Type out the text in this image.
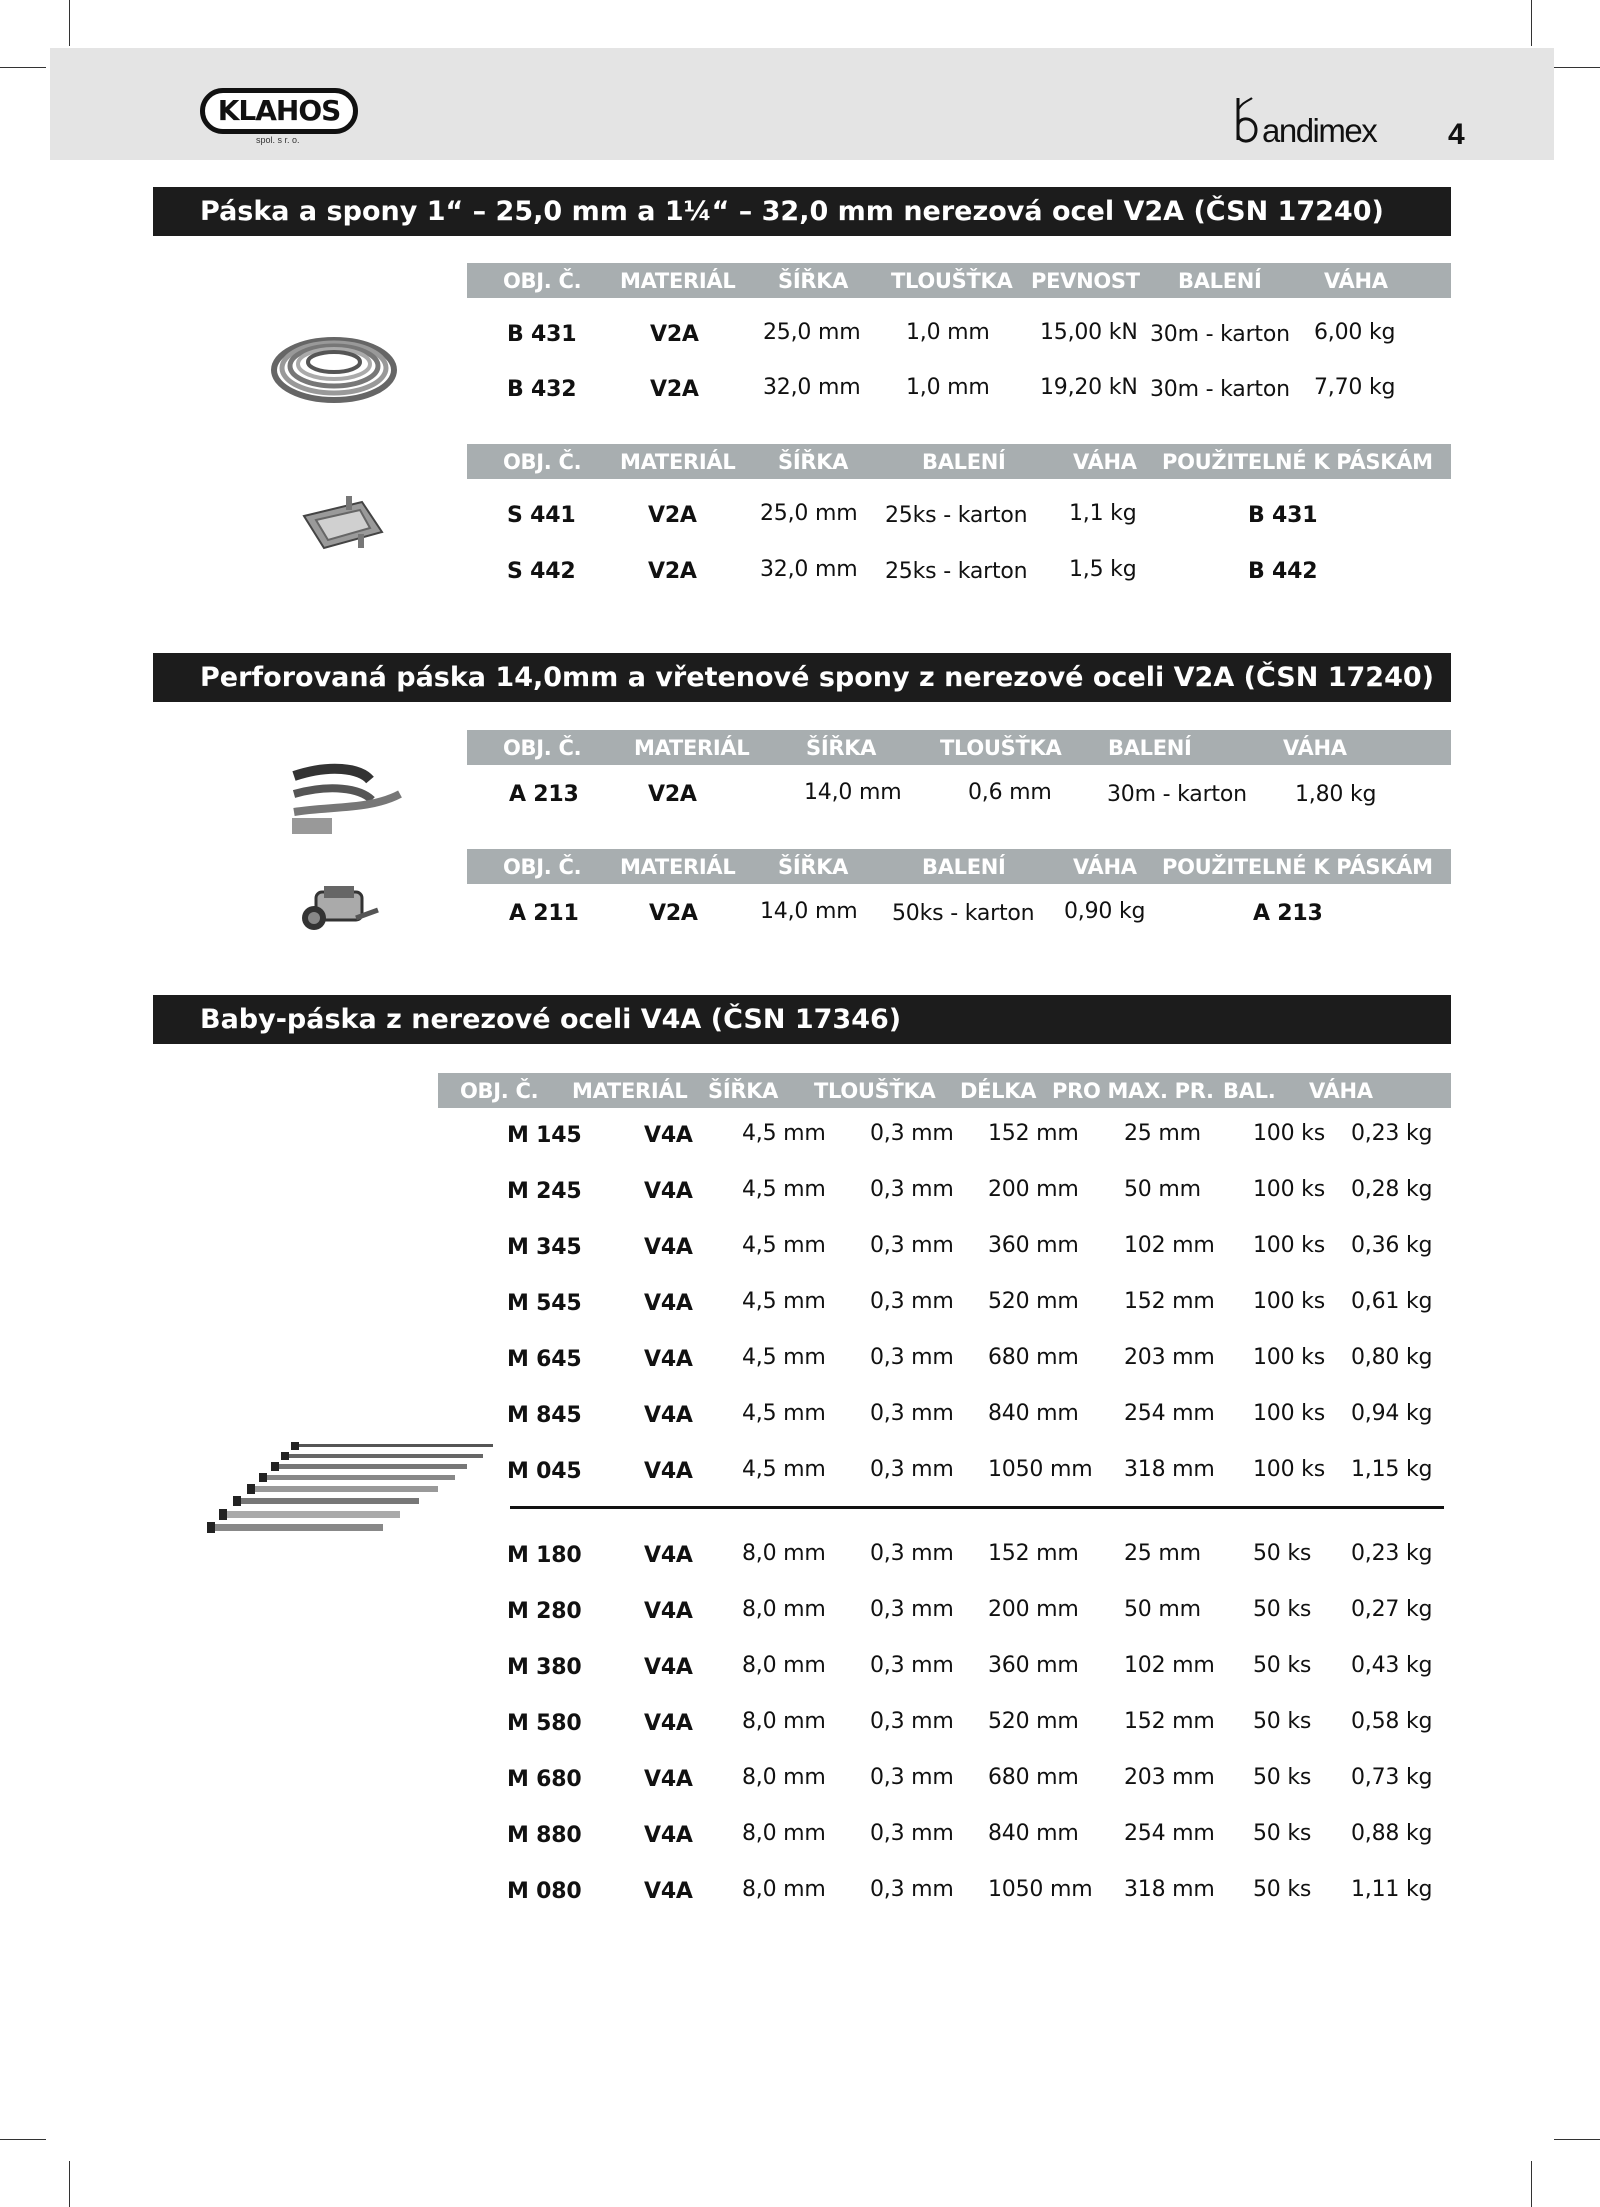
KLAHOS
spol. s r. o.	andimex 4
Páska a spony 1“ – 25,0 mm a 1¼“ – 32,0 mm nerezová ocel V2A (ČSN 17240)
OBJ. Č. MATERIÁL ŠÍŘKA TLOUŠŤKA PEVNOST BALENÍ	VÁHA
B 431	V2A	25,0 mm 1,0 mm 15,00 kN 30m - karton 6,00 kg
B 432	V2A	32,0 mm 1,0 mm 19,20 kN 30m - karton 7,70 kg
OBJ. Č. MATERIÁL ŠÍŘKA	BALENÍ	VÁHA POUŽITELNÉ K PÁSKÁM
S 441	V2A	25,0 mm 25ks - karton 1,1 kg	B 431
S 442	V2A	32,0 mm 25ks - karton 1,5 kg	B 442
Perforovaná páska 14,0mm a vřetenové spony z nerezové oceli V2A (ČSN 17240)
OBJ. Č.	MATERIÁL	ŠÍŘKA	TLOUŠŤKA BALENÍ	VÁHA
A 213	V2A	14,0 mm	0,6 mm	30m - karton 1,80 kg
OBJ. Č. MATERIÁL ŠÍŘKA	BALENÍ	VÁHA POUŽITELNÉ K PÁSKÁM
A 211	V2A	14,0 mm 50ks - karton 0,90 kg	A 213
Baby-páska z nerezové oceli V4A (ČSN 17346)
OBJ. Č. MATERIÁL ŠÍŘKA TLOUŠŤKA DÉLKA PRO MAX. PR. BAL. VÁHA
M 145	V4A 4,5 mm 0,3 mm 152 mm 25 mm 100 ks 0,23 kg
M 245	V4A 4,5 mm 0,3 mm 200 mm 50 mm 100 ks 0,28 kg
M 345	V4A 4,5 mm 0,3 mm 360 mm 102 mm 100 ks 0,36 kg
M 545	V4A 4,5 mm 0,3 mm 520 mm 152 mm 100 ks 0,61 kg
M 645	V4A 4,5 mm 0,3 mm 680 mm 203 mm 100 ks 0,80 kg
M 845	V4A 4,5 mm 0,3 mm 840 mm 254 mm 100 ks 0,94 kg
M 045	V4A 4,5 mm 0,3 mm 1050 mm 318 mm 100 ks 1,15 kg
M 180	V4A 8,0 mm 0,3 mm 152 mm 25 mm 50 ks 0,23 kg
M 280	V4A 8,0 mm 0,3 mm 200 mm 50 mm 50 ks 0,27 kg
M 380	V4A 8,0 mm 0,3 mm 360 mm 102 mm 50 ks 0,43 kg
M 580	V4A 8,0 mm 0,3 mm 520 mm 152 mm 50 ks 0,58 kg
M 680	V4A 8,0 mm 0,3 mm 680 mm 203 mm 50 ks 0,73 kg
M 880	V4A 8,0 mm 0,3 mm 840 mm 254 mm 50 ks 0,88 kg
M 080	V4A 8,0 mm 0,3 mm 1050 mm 318 mm 50 ks 1,11 kg
